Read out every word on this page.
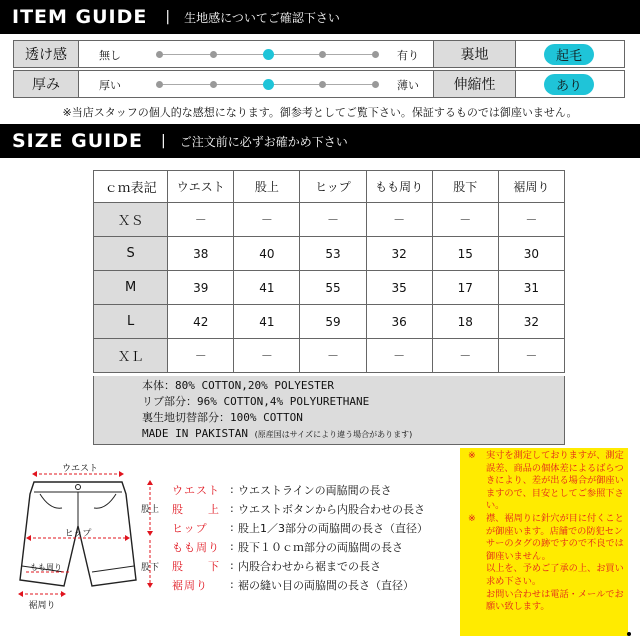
ITEM GUIDE | 生地感についてご確認下さい
透け感	無し	有り	裏地	起毛
厚み	厚い	薄い	伸縮性	あり
※当店スタッフの個人的な感想になります。御参考としてご覧下さい。保証するものでは御座いません。
SIZE GUIDE | ご注文前に必ずお確かめ下さい
ｃｍ表記	ウエスト	股上	ヒップ	もも周り	股下	裾周り
ＸＳ	－	－	－	－	－	－
S	38	40	53	32	15	30
M	39	41	55	35	17	31
L	42	41	59	36	18	32
ＸＬ	－	－	－	－	－	－
本体：80% COTTON,20% POLYESTER
リブ部分：96% COTTON,4% POLYURETHANE
裏生地切替部分：100% COTTON
MADE IN PAKISTAN (原産国はサイズにより違う場合があります)
ウエスト
ヒップ
股上
もも周り	股下
裾周り
ウエスト : ウエストラインの両脇間の長さ
股　　上 : ウエストボタンから内股合わせの長さ
ヒップ	: 股上1／3部分の両脇間の長さ（直径）
もも周り : 股下１０ｃｍ部分の両脇間の長さ
股　　下 : 内股合わせから裾までの長さ
裾周り	: 裾の縫い目の両脇間の長さ（直径）
※	実寸を測定しておりますが、測定誤差、商品の個体差によるばらつきにより、差が出る場合が御座いますので、目安としてご参照下さい。
※	襟、裾周りに針穴が目に付くことが御座います。店舗での防犯センサーのタグの跡ですので不良では御座いません。
以上を、予めご了承の上、お買い求め下さい。
お問い合わせは電話・メールでお願い致します。
